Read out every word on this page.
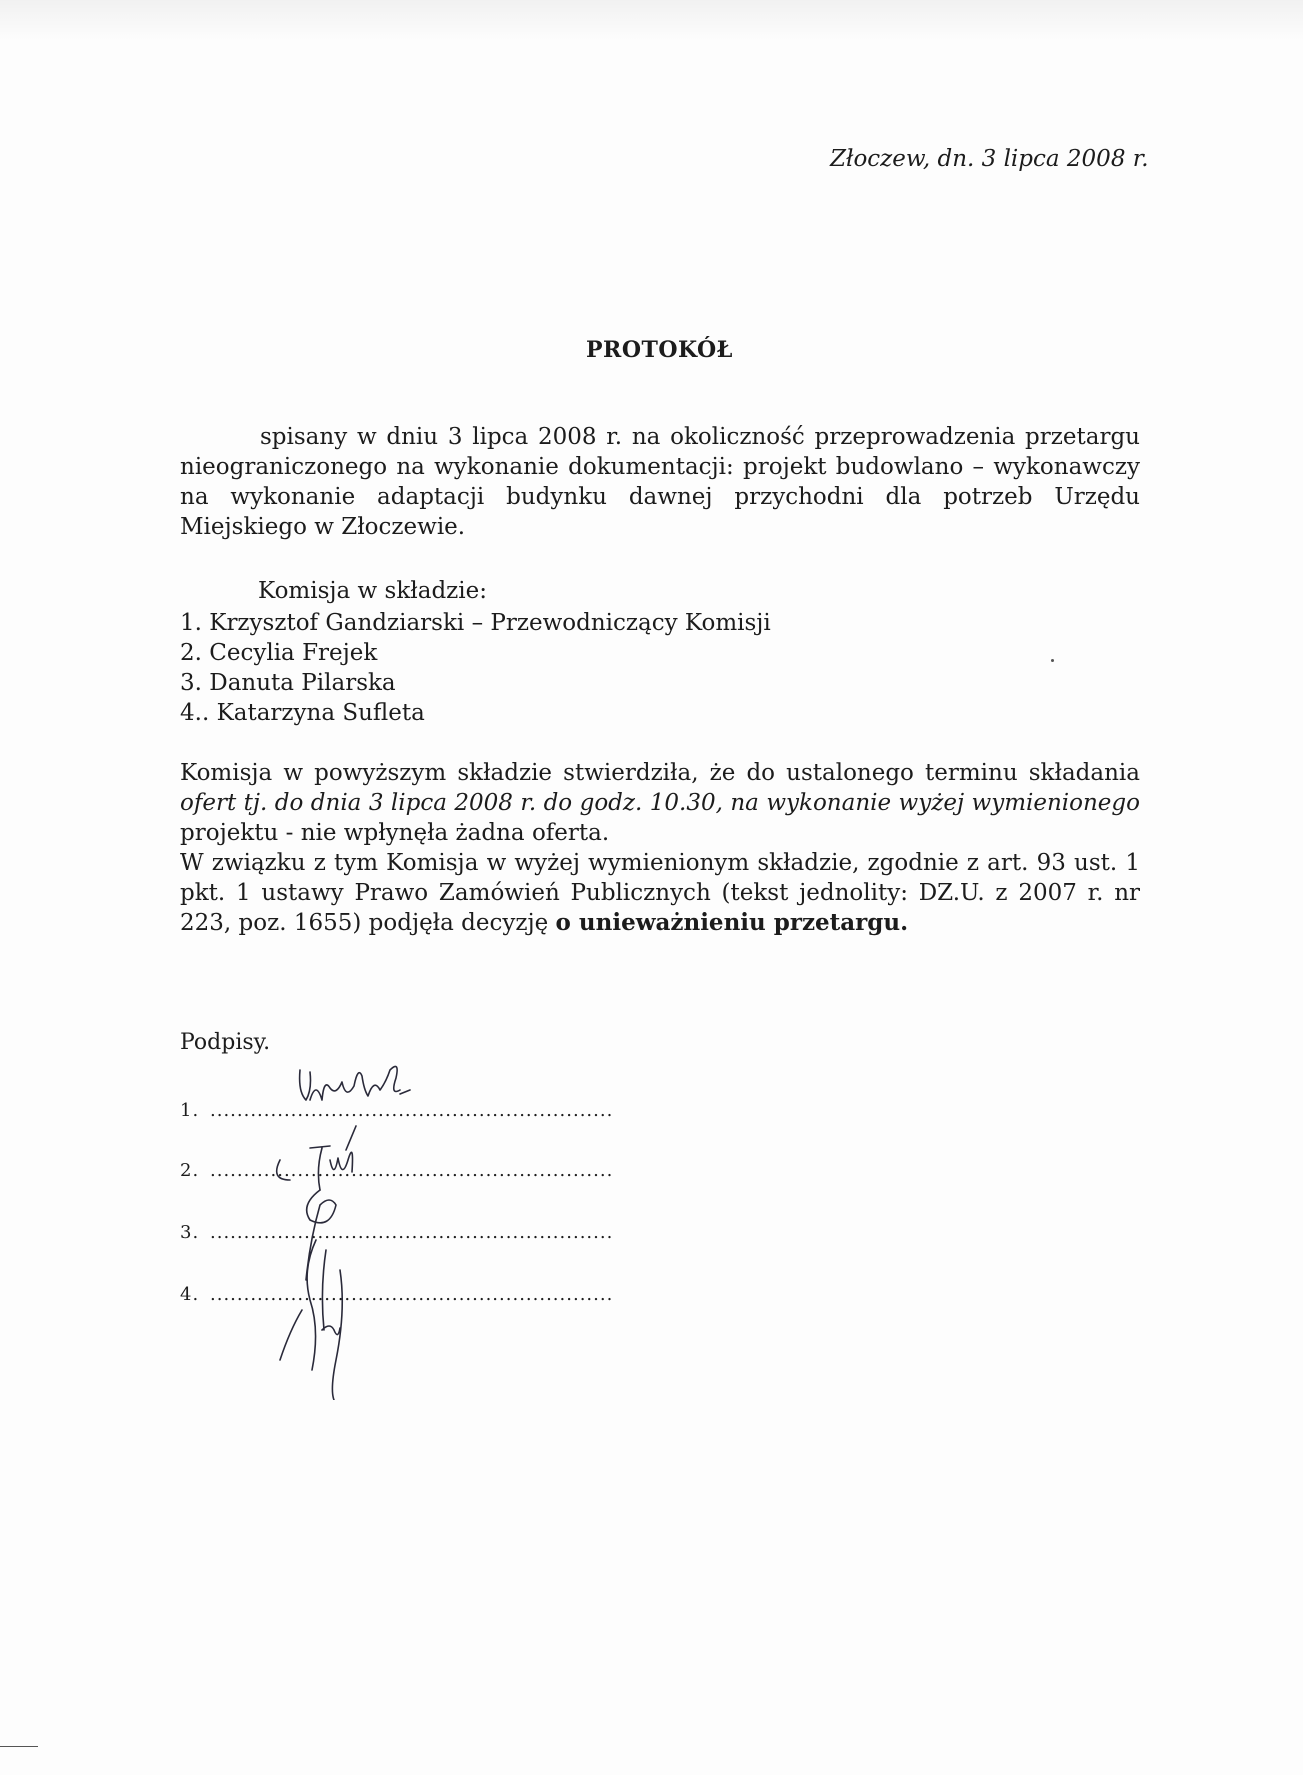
Złoczew, dn. 3 lipca 2008 r.
PROTOKÓŁ
spisany w dniu 3 lipca 2008 r. na okoliczność przeprowadzenia przetargu
nieograniczonego na wykonanie dokumentacji: projekt budowlano – wykonawczy
na wykonanie adaptacji budynku dawnej przychodni dla potrzeb Urzędu
Miejskiego w Złoczewie.
Komisja w składzie:
1. Krzysztof Gandziarski – Przewodniczący Komisji
2. Cecylia Frejek
3. Danuta Pilarska
4.. Katarzyna Sufleta
Komisja w powyższym składzie stwierdziła, że do ustalonego terminu składania
ofert tj. do dnia 3 lipca 2008 r. do godz. 10.30, na wykonanie wyżej wymienionego
projektu - nie wpłynęła żadna oferta.
W związku z tym Komisja w wyżej wymienionym składzie, zgodnie z art. 93 ust. 1
pkt. 1 ustawy Prawo Zamówień Publicznych (tekst jednolity: DZ.U. z 2007 r. nr
223, poz. 1655) podjęła decyzję o unieważnieniu przetargu.
Podpisy.
1. ............................................................
2. ............................................................
3. ............................................................
4. ............................................................
